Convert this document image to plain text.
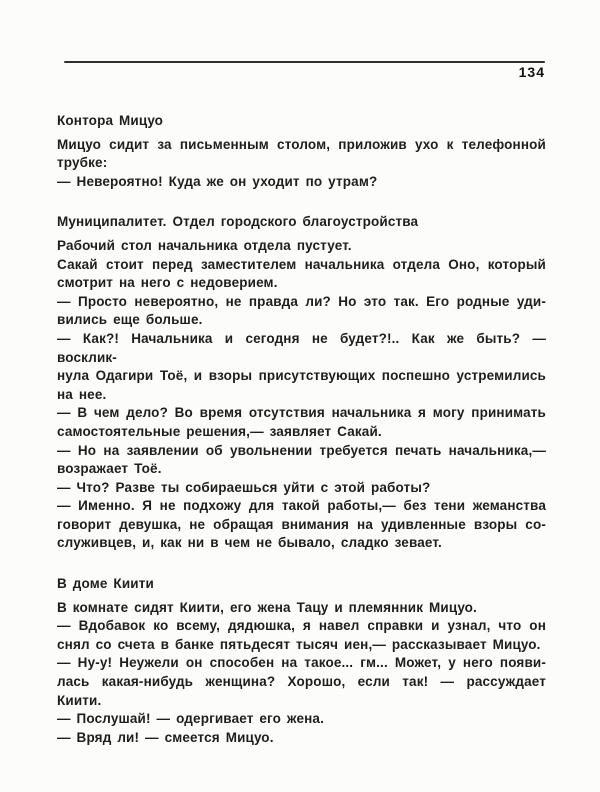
134
Контора Мицуо
Мицуо сидит за письменным столом, приложив ухо к телефонной
трубке:
— Невероятно! Куда же он уходит по утрам?
Муниципалитет. Отдел городского благоустройства
Рабочий стол начальника отдела пустует.
Сакай стоит перед заместителем начальника отдела Оно, который
смотрит на него с недоверием.
— Просто невероятно, не правда ли? Но это так. Его родные уди-
вились еще больше.
— Как?! Начальника и сегодня не будет?!.. Как же быть? — восклик-
нула Одагири Тоё, и взоры присутствующих поспешно устремились
на нее.
— В чем дело? Во время отсутствия начальника я могу принимать
самостоятельные решения,— заявляет Сакай.
— Но на заявлении об увольнении требуется печать начальника,—
возражает Тоё.
— Что? Разве ты собираешься уйти с этой работы?
— Именно. Я не подхожу для такой работы,— без тени жеманства
говорит девушка, не обращая внимания на удивленные взоры со-
служивцев, и, как ни в чем не бывало, сладко зевает.
В доме Киити
В комнате сидят Киити, его жена Тацу и племянник Мицуо.
— Вдобавок ко всему, дядюшка, я навел справки и узнал, что он
снял со счета в банке пятьдесят тысяч иен,— рассказывает Мицуо.
— Ну-у! Неужели он способен на такое... гм... Может, у него появи-
лась какая-нибудь женщина? Хорошо, если так! — рассуждает
Киити.
— Послушай! — одергивает его жена.
— Вряд ли! — смеется Мицуо.
